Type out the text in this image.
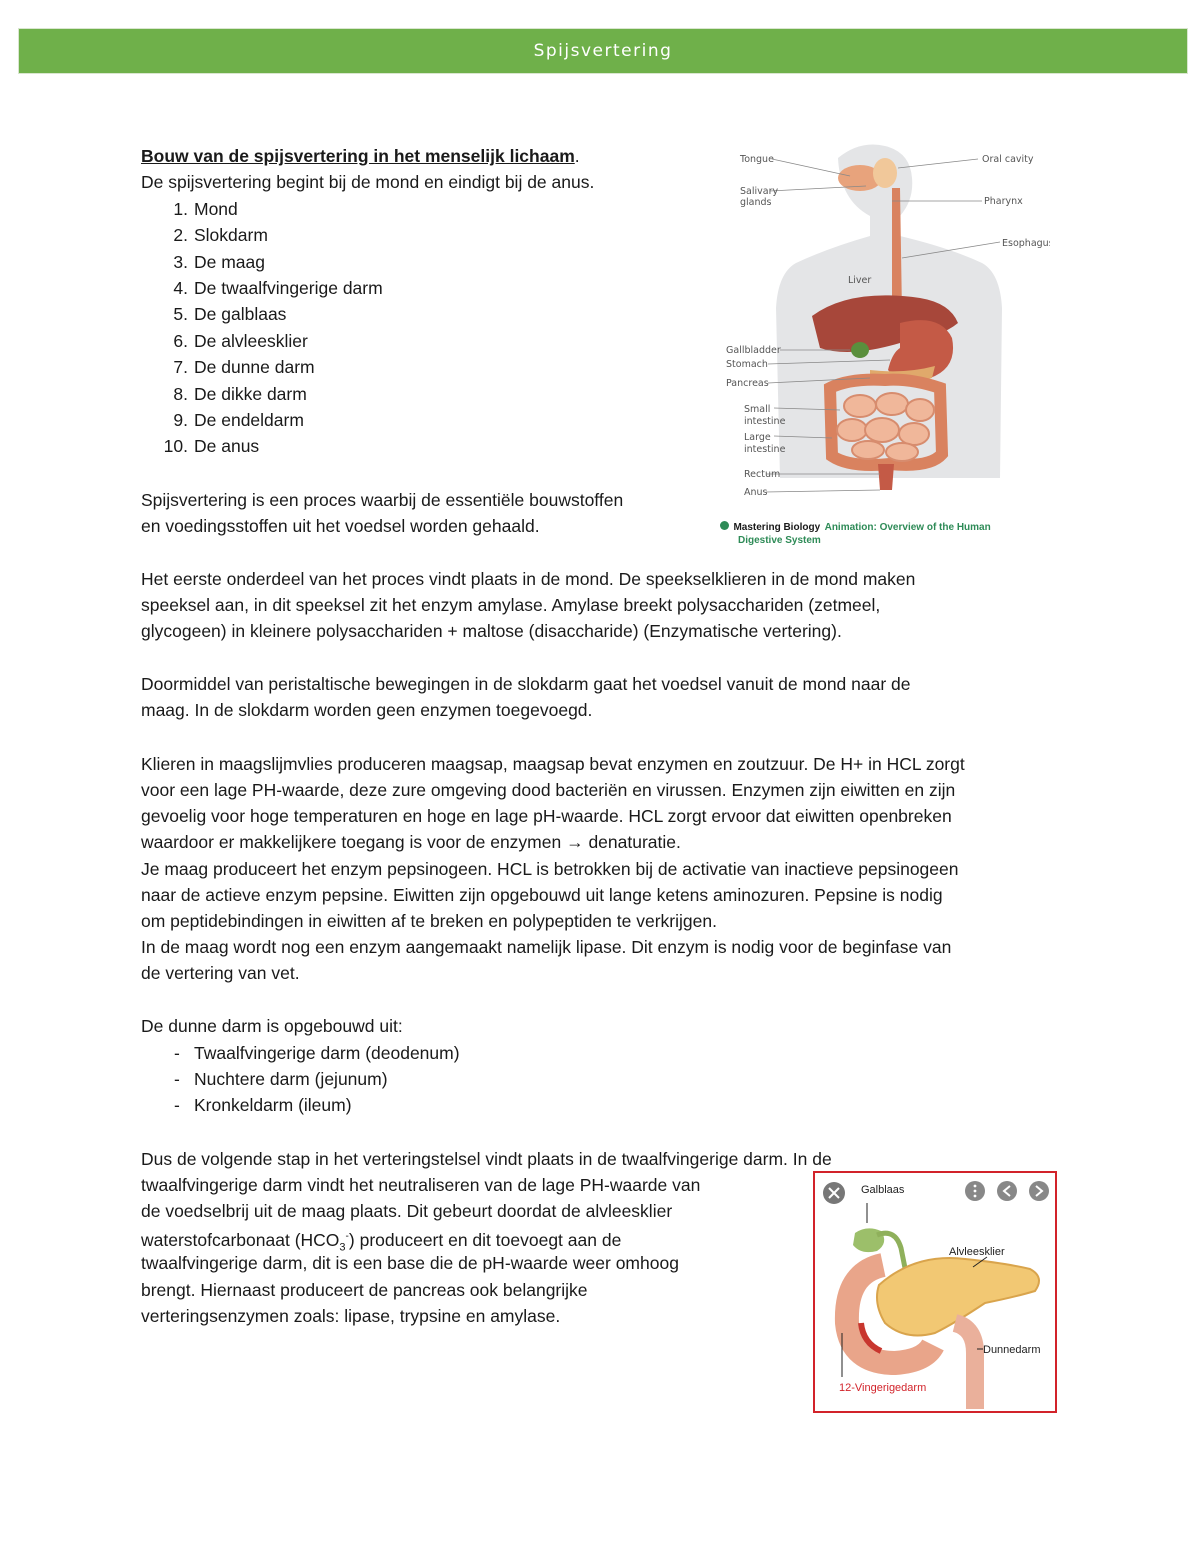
Spijsvertering
Bouw van de spijsvertering in het menselijk lichaam.
De spijsvertering begint bij de mond en eindigt bij de anus.
1. Mond
2. Slokdarm
3. De maag
4. De twaalfvingerige darm
5. De galblaas
6. De alvleesklier
7. De dunne darm
8. De dikke darm
9. De endeldarm
10. De anus
Spijsvertering is een proces waarbij de essentiële bouwstoffen
en voedingsstoffen uit het voedsel worden gehaald.
Tongue	Oral cavity
Salivary
glands	Pharynx
Esophagus
Liver
Gallbladder
Stomach
Pancreas
Small
intestine
Large
intestine
Rectum
Anus
Mastering Biology Animation: Overview of the Human
Digestive System
Het eerste onderdeel van het proces vindt plaats in de mond. De speekselklieren in de mond maken
speeksel aan, in dit speeksel zit het enzym amylase. Amylase breekt polysacchariden (zetmeel,
glycogeen) in kleinere polysacchariden + maltose (disaccharide) (Enzymatische vertering).
Doormiddel van peristaltische bewegingen in de slokdarm gaat het voedsel vanuit de mond naar de
maag. In de slokdarm worden geen enzymen toegevoegd.
Klieren in maagslijmvlies produceren maagsap, maagsap bevat enzymen en zoutzuur. De H+ in HCL zorgt
voor een lage PH-waarde, deze zure omgeving dood bacteriën en virussen. Enzymen zijn eiwitten en zijn
gevoelig voor hoge temperaturen en hoge en lage pH-waarde. HCL zorgt ervoor dat eiwitten openbreken
waardoor er makkelijkere toegang is voor de enzymen → denaturatie.
Je maag produceert het enzym pepsinogeen. HCL is betrokken bij de activatie van inactieve pepsinogeen
naar de actieve enzym pepsine. Eiwitten zijn opgebouwd uit lange ketens aminozuren. Pepsine is nodig
om peptidebindingen in eiwitten af te breken en polypeptiden te verkrijgen.
In de maag wordt nog een enzym aangemaakt namelijk lipase. Dit enzym is nodig voor de beginfase van
de vertering van vet.
De dunne darm is opgebouwd uit:
- Twaalfvingerige darm (deodenum)
- Nuchtere darm (jejunum)
- Kronkeldarm (ileum)
Dus de volgende stap in het verteringstelsel vindt plaats in de twaalfvingerige darm. In de
twaalfvingerige darm vindt het neutraliseren van de lage PH-waarde van
de voedselbrij uit de maag plaats. Dit gebeurt doordat de alvleesklier
waterstofcarbonaat $(HCO_3^-)$ produceert en dit toevoegt aan de
twaalfvingerige darm, dit is een base die de pH-waarde weer omhoog
brengt. Hiernaast produceert de pancreas ook belangrijke
verteringsenzymen zoals: lipase, trypsine en amylase.
Galblaas
Alvleesklier
Dunnedarm
12-Vingerigedarm
